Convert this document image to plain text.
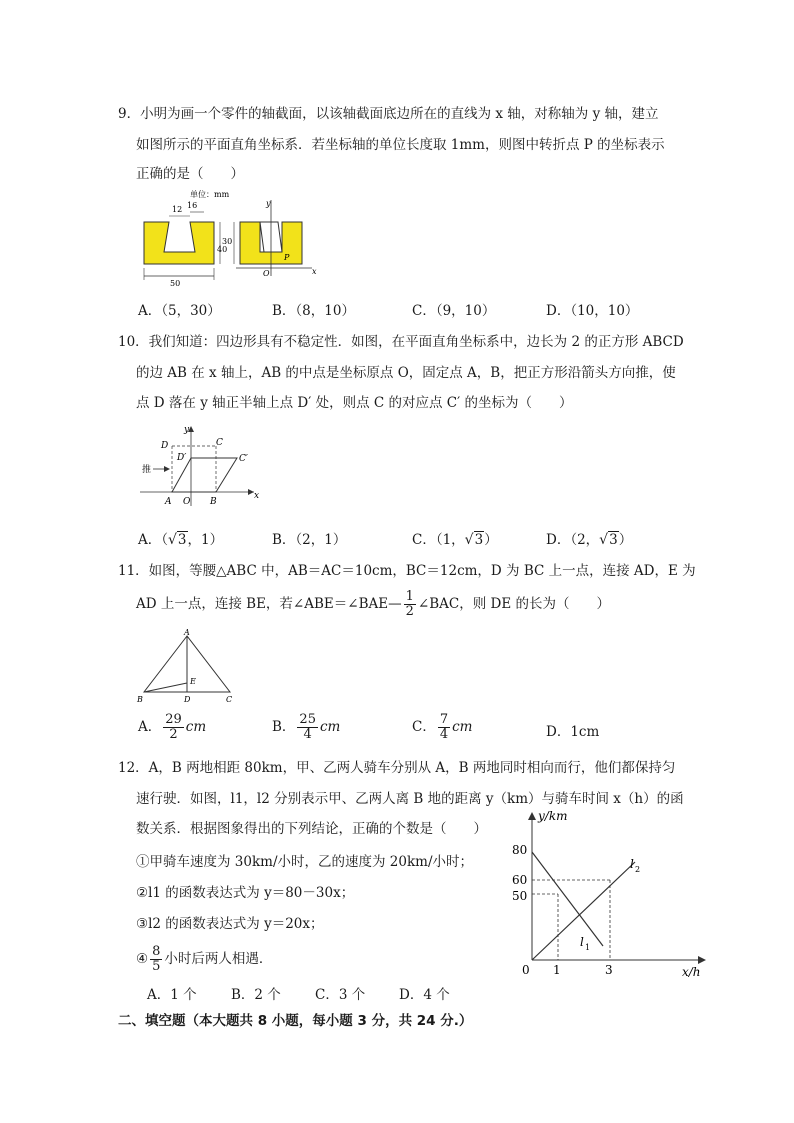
9．小明为画一个零件的轴截面，以该轴截面底边所在的直线为 x 轴，对称轴为 y 轴，建立
如图所示的平面直角坐标系．若坐标轴的单位长度取 1mm，则图中转折点 P 的坐标表示
正确的是（　　）
50
30
40
12 16
单位：mm
y
x
O
P
A．（5，30）	B．（8，10）	C．（9，10）	D．（10，10）
10．我们知道：四边形具有不稳定性．如图，在平面直角坐标系中，边长为 2 的正方形 ABCD
的边 AB 在 x 轴上，AB 的中点是坐标原点 O，固定点 A，B，把正方形沿箭头方向推，使
点 D 落在 y 轴正半轴上点 D′ 处，则点 C 的对应点 C′ 的坐标为（　　）
y
x
D	C
D′	C′
推
A O B
A．（√3，1）	B．（2，1）	C．（1，√3）	D．（2，√3）
11．如图，等腰△ABC 中，AB＝AC＝10cm，BC＝12cm，D 为 BC 上一点，连接 AD，E 为
AD 上一点，连接 BE，若∠ABE＝∠BAE— $\frac{1}{2}$ ∠BAC，则 DE 的长为（　　）
A
E
B	D	C
A． $\frac{29}{2}$ cm	B． $\frac{25}{4}$ cm	C． $\frac{7}{4}$ cm	D．1cm
12．A，B 两地相距 80km，甲、乙两人骑车分别从 A，B 两地同时相向而行，他们都保持匀
速行驶．如图，l1，l2 分别表示甲、乙两人离 B 地的距离 y（km）与骑车时间 x（h）的函
数关系．根据图象得出的下列结论，正确的个数是（　　）
①甲骑车速度为 30km/小时，乙的速度为 20km/小时；
②l1 的函数表达式为 y＝80－30x；
③l2 的函数表达式为 y＝20x；
④ $\frac{8}{5}$ 小时后两人相遇．
A．1 个	B．2 个	C．3 个	D．4 个
y/km
x/h
0
80
60
50
1	3
l 1
l 2
二、填空题（本大题共 8 小题，每小题 3 分，共 24 分.）
